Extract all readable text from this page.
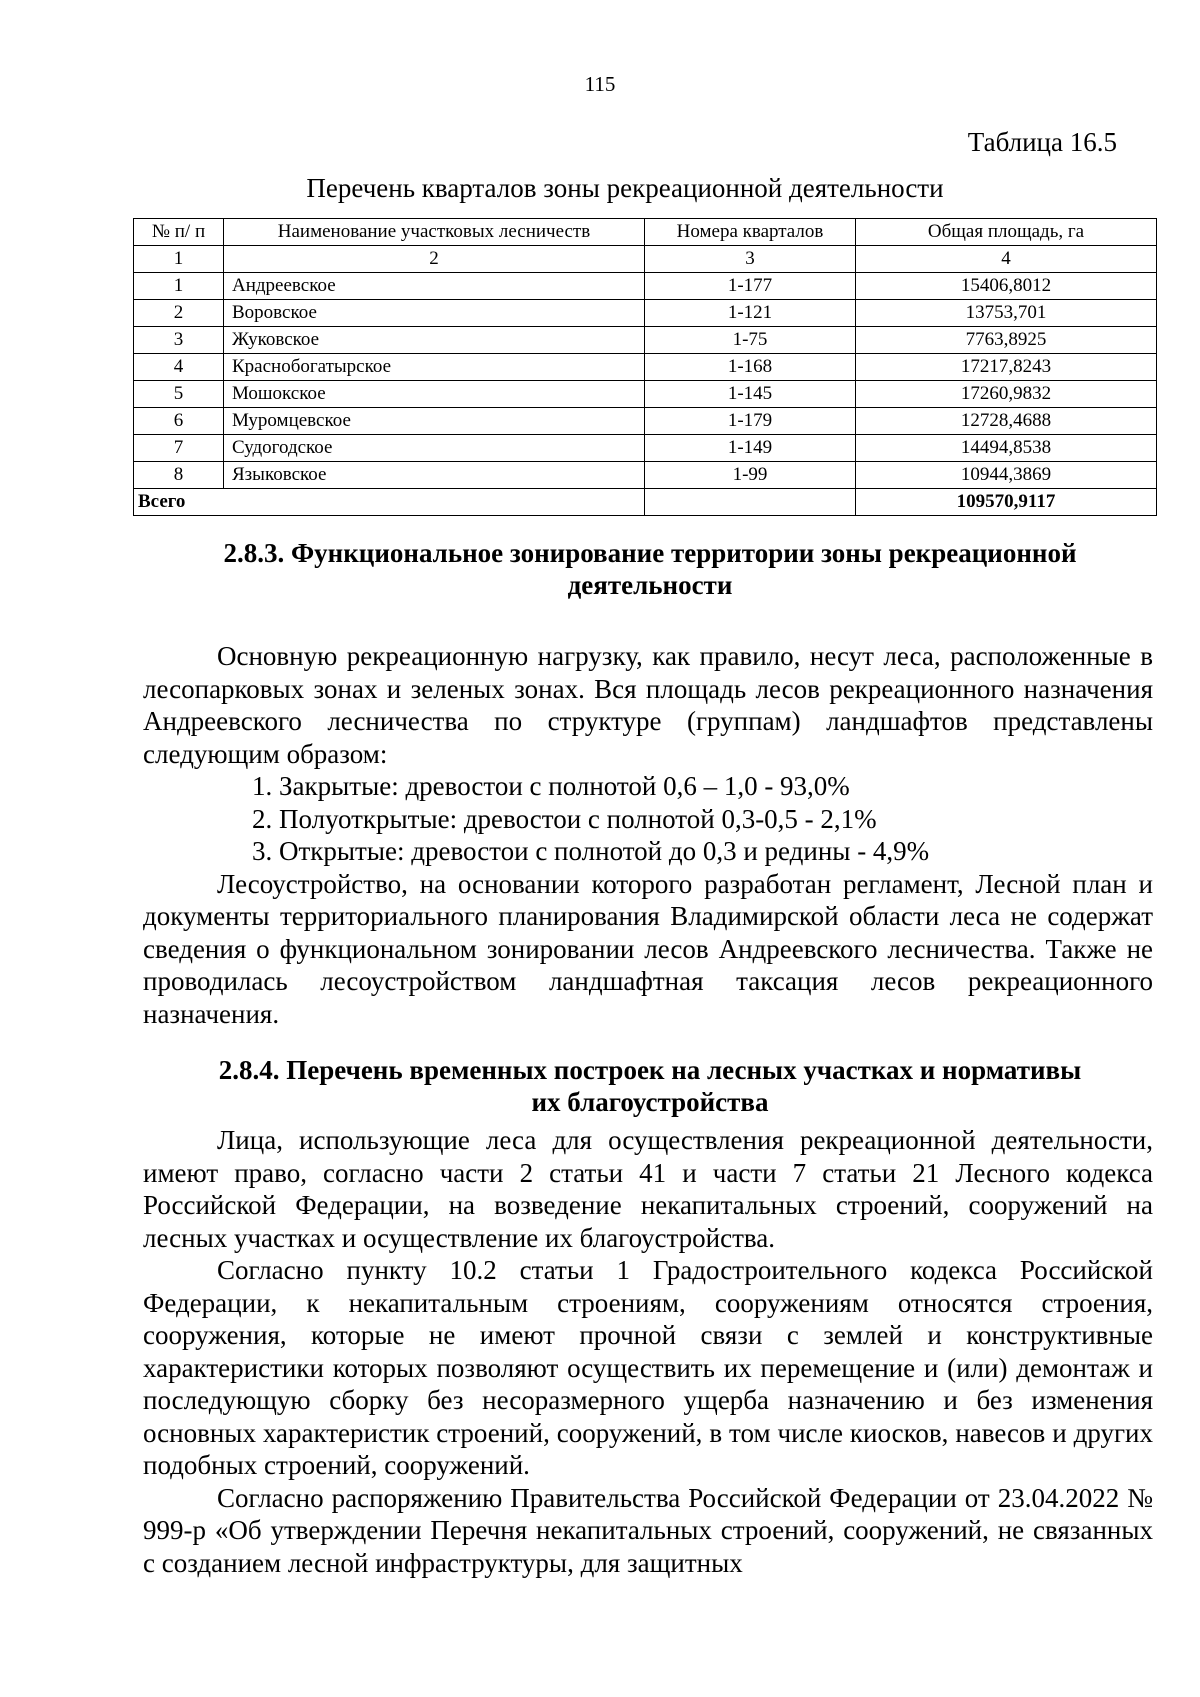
115
Таблица 16.5
Перечень кварталов зоны рекреационной деятельности
№ п/ п	Наименование участковых лесничеств	Номера кварталов	Общая площадь, га
1	2	3	4
1	Андреевское	1-177	15406,8012
2	Воровское	1-121	13753,701
3	Жуковское	1-75	7763,8925
4	Краснобогатырское	1-168	17217,8243
5	Мошокское	1-145	17260,9832
6	Муромцевское	1-179	12728,4688
7	Судогодское	1-149	14494,8538
8	Языковское	1-99	10944,3869
Всего			109570,9117
2.8.3. Функциональное зонирование территории зоны рекреационной
деятельности

Основную рекреационную нагрузку, как правило, несут леса, расположенные в лесопарковых зонах и зеленых зонах. Вся площадь лесов рекреационного назначения Андреевского лесничества по структуре (группам) ландшафтов представлены следующим образом:

1. Закрытые: древостои с полнотой 0,6 – 1,0 - 93,0%
2. Полуоткрытые: древостои с полнотой 0,3-0,5 - 2,1%
3. Открытые: древостои с полнотой до 0,3 и редины - 4,9%

Лесоустройство, на основании которого разработан регламент, Лесной план и документы территориального планирования Владимирской области леса не содержат сведения о функциональном зонировании лесов Андреевского лесничества. Также не проводилась лесоустройством ландшафтная таксация лесов рекреационного назначения.

2.8.4. Перечень временных построек на лесных участках и нормативы
их благоустройства

Лица, использующие леса для осуществления рекреационной деятельности, имеют право, согласно части 2 статьи 41 и части 7 статьи 21 Лесного кодекса Российской Федерации, на возведение некапитальных строений, сооружений на лесных участках и осуществление их благоустройства.

Согласно пункту 10.2 статьи 1 Градостроительного кодекса Российской Федерации, к некапитальным строениям, сооружениям относятся строения, сооружения, которые не имеют прочной связи с землей и конструктивные характеристики которых позволяют осуществить их перемещение и (или) демонтаж и последующую сборку без несоразмерного ущерба назначению и без изменения основных характеристик строений, сооружений, в том числе киосков, навесов и других подобных строений, сооружений.

Согласно распоряжению Правительства Российской Федерации от 23.04.2022 № 999-р «Об утверждении Перечня некапитальных строений, сооружений, не связанных с созданием лесной инфраструктуры, для защитных
